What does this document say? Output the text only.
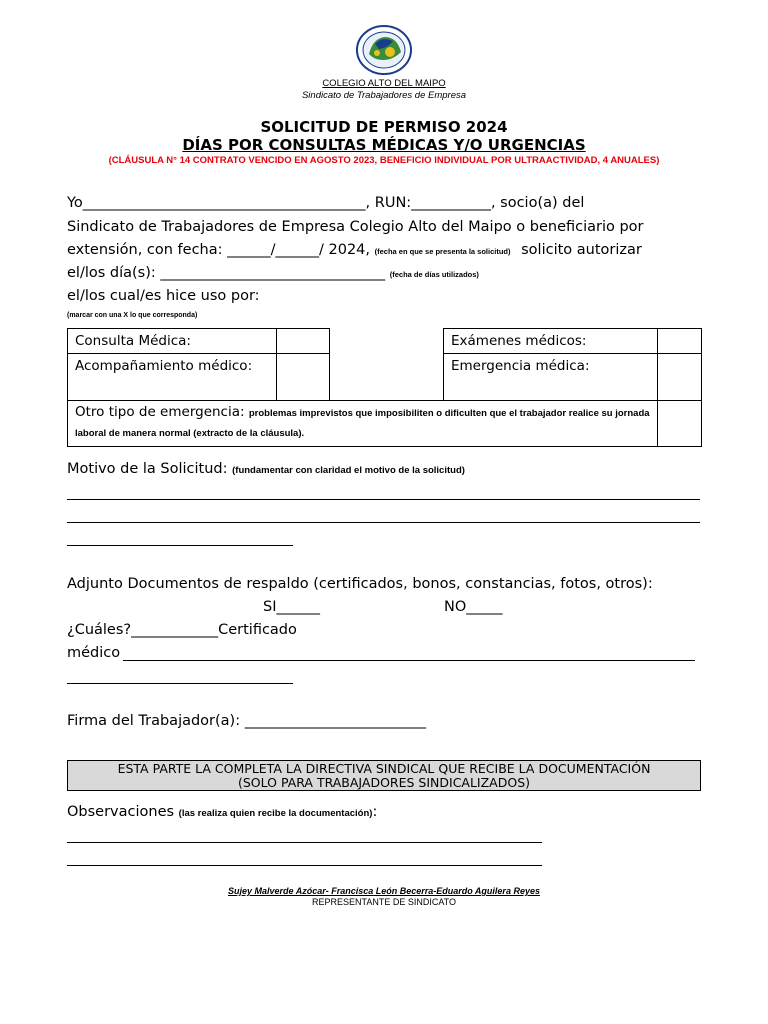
COLEGIO ALTO DEL MAIPO
Sindicato de Trabajadores de Empresa
SOLICITUD DE PERMISO 2024
DÍAS POR CONSULTAS MÉDICAS Y/O URGENCIAS
(CLÁUSULA N° 14 CONTRATO VENCIDO EN AGOSTO 2023, BENEFICIO INDIVIDUAL POR ULTRAACTIVIDAD, 4 ANUALES)
Yo_______________________________________, RUN:___________, socio(a) del
Sindicato de Trabajadores de Empresa Colegio Alto del Maipo o beneficiario por
extensión, con fecha: ______/______/ 2024, (fecha en que se presenta la solicitud) solicito autorizar
el/los día(s): _______________________________ (fecha de días utilizados)
el/los cual/es hice uso por:
(marcar con una X lo que corresponda)
Consulta Médica:			Exámenes médicos:	
Acompañamiento médico:			Emergencia médica:	
Otro tipo de emergencia: problemas imprevistos que imposibiliten o dificulten que el trabajador realice su jornada laboral de manera normal (extracto de la cláusula).				
Motivo de la Solicitud: (fundamentar con claridad el motivo de la solicitud)
Adjunto Documentos de respaldo (certificados, bonos, constancias, fotos, otros):
SI______	NO_____
¿Cuáles?____________Certificado
médico
Firma del Trabajador(a): _________________________
ESTA PARTE LA COMPLETA LA DIRECTIVA SINDICAL QUE RECIBE LA DOCUMENTACIÓN
(SOLO PARA TRABAJADORES SINDICALIZADOS)
Observaciones (las realiza quien recibe la documentación):
Sujey Malverde Azócar- Francisca León Becerra-Eduardo Aguilera Reyes
REPRESENTANTE DE SINDICATO
